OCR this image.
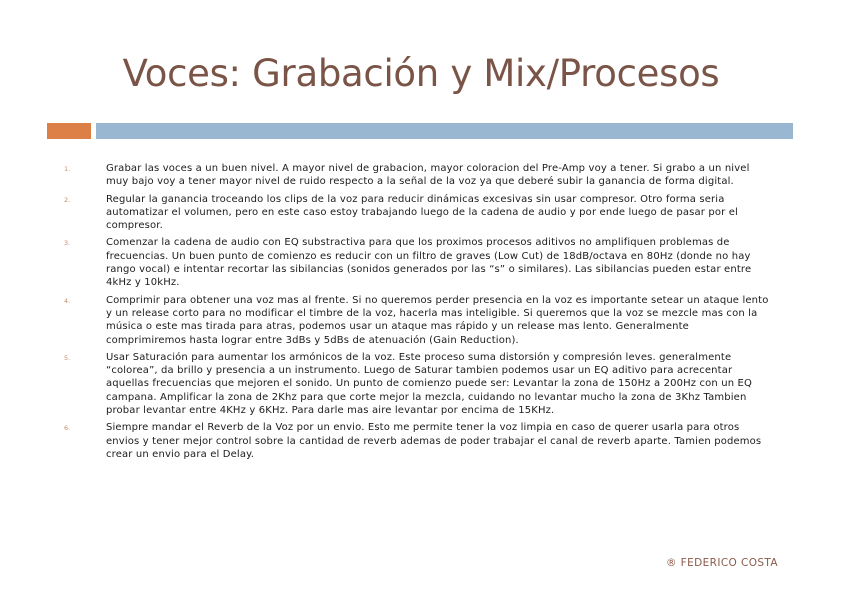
Voces: Grabación y Mix/Procesos
1.	Grabar las voces a un buen nivel. A mayor nivel de grabacion, mayor coloracion del Pre-Amp voy a tener. Si grabo a un nivel muy bajo voy a tener mayor nivel de ruido respecto a la señal de la voz ya que deberé subir la ganancia de forma digital.
2.	Regular la ganancia troceando los clips de la voz para reducir dinámicas excesivas sin usar compresor. Otro forma seria automatizar el volumen, pero en este caso estoy trabajando luego de la cadena de audio y por ende luego de pasar por el compresor.
3.	Comenzar la cadena de audio con EQ substractiva para que los proximos procesos aditivos no amplifiquen problemas de frecuencias. Un buen punto de comienzo es reducir con un filtro de graves (Low Cut) de 18dB/octava en 80Hz (donde no hay rango vocal) e intentar recortar las sibilancias (sonidos generados por las “s” o similares). Las sibilancias pueden estar entre 4kHz y 10kHz.
4.	Comprimir para obtener una voz mas al frente. Si no queremos perder presencia en la voz es importante setear un ataque lento y un release corto para no modificar el timbre de la voz, hacerla mas inteligible. Si queremos que la voz se mezcle mas con la música o este mas tirada para atras, podemos usar un ataque mas rápido y un release mas lento. Generalmente comprimiremos hasta lograr entre 3dBs y 5dBs de atenuación (Gain Reduction).
5.	Usar Saturación para aumentar los armónicos de la voz. Este proceso suma distorsión y compresión leves. generalmente “colorea”, da brillo y presencia a un instrumento. Luego de Saturar tambien podemos usar un EQ aditivo para acrecentar aquellas frecuencias que mejoren el sonido. Un punto de comienzo puede ser: Levantar la zona de 150Hz a 200Hz con un EQ campana. Amplificar la zona de 2Khz para que corte mejor la mezcla, cuidando no levantar mucho la zona de 3Khz Tambien probar levantar entre 4KHz y 6KHz. Para darle mas aire levantar por encima de 15KHz.
6.	Siempre mandar el Reverb de la Voz por un envio. Esto me permite tener la voz limpia en caso de querer usarla para otros envios y tener mejor control sobre la cantidad de reverb ademas de poder trabajar el canal de reverb aparte. Tamien podemos crear un envio para el Delay.
® FEDERICO COSTA
